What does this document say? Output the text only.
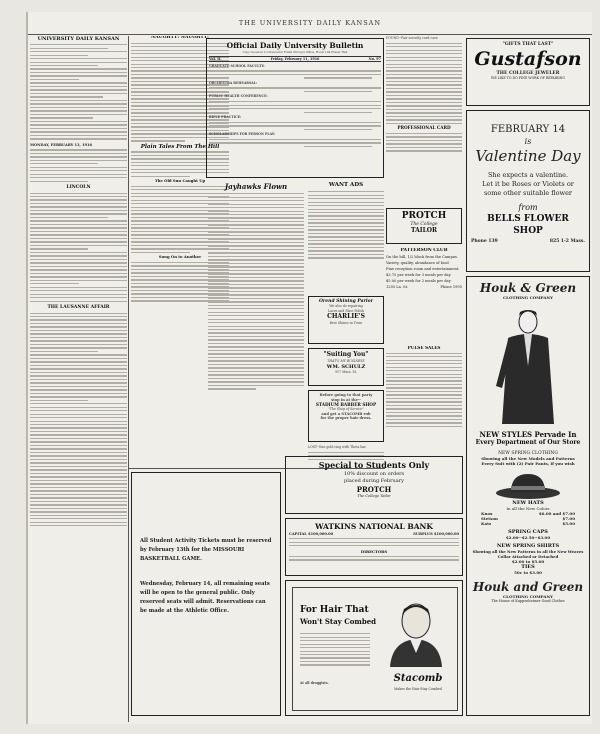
THE UNIVERSITY DAILY KANSAN
UNIVERSITY DAILY KANSAN
MONDAY, FEBRUARY 13, 1916
LINCOLN
THE LAUSANNE AFFAIR
NAUGHTY! NAUGHTY!
Plain Tales From The Hill
The Old Sun Caught Up
Song On to Another
Official Daily University Bulletin
Copy received to Chancellor Frank Strong's Office, Room 104 Fraser Hall
Vol. II.	Friday, February 11, 1916	No. 97
GRADUATE SCHOOL FACULTY:
ORCHESTRA REHEARSAL:
PUBLIC HEALTH CONFERENCE:
RIFLE PRACTICE:
SCHOLARSHIPS FOR PERSON PLAY:
Jayhawks Flown	WANT ADS
Orend Shining Parlor
We also do repairing
Laces and Shoe Polish
CHARLIE'S
Best Shines in Town
"Suiting You"
THAT'S MY BUSINESS
WM. SCHULZ
917 Mass. St.
Before going to that party
stop in at the--
STADIUM BARBER SHOP
"The Shop of Service"
and get a STACOMB rub
for the proper hair dress.
LOST--One gold ring with Theta bar.
All Student Activity Tickets must be reserved by February 13th for the MISSOURI BASKETBALL GAME.
Wednesday, February 14, all remaining seats will be open to the general public. Only reserved seats will admit. Reservations can be made at the Athletic Office.
Special to Students Only
10% discount on orders
placed during February
PROTCH
The College Tailor
WATKINS NATIONAL BANK
CAPITAL $100,000.00	SURPLUS $100,000.00
DIRECTORS
For Hair That
Won't Stay Combed
At all druggists.	Stacomb
Makes the Hair Stay Combed
FOUND--Fair sorority card case
PROFESSIONAL CARD
PROTCH
The College
TAILOR
PATTERSON CLUB
On the hill, 1/2 block from the Campus.
Variety, quality, abundance of food
Fine reception room and entertainment.
$3.75 per week for 3 meals per day
$5.00 per week for 2 meals per day
1205 La. St.	Phone 1995
PULSE SALES
"GIFTS THAT LAST"
Gustafson
THE COLLEGE JEWELER
WE LIKE TO DO FINE WORK OF REPAIRING
FEBRUARY 14
is
Valentine Day
She expects a valentine.
Let it be Roses or Violets or
some other suitable flower
from
BELLS FLOWER SHOP
Phone 139	825 1-2 Mass.
Houk & Green
CLOTHING COMPANY
NEW STYLES Pervade In
Every Department of Our Store
NEW SPRING CLOTHING
Showing all the New Models and Patterns
Every Suit with (2) Pair Pants, if you wish
NEW HATS
In all the New Colors
Knox	$6.00 and $7.00
Stetson	$7.00
Katz	$5.00
SPRING CAPS
$2.00--$2.50--$3.00
NEW SPRING SHIRTS
Showing all the New Patterns in all the New Weaves
Collar Attached or Detached
$2.00 to $5.00
TIES
50c to $3.00
Houk and Green
CLOTHING COMPANY
The House of Kuppenheimer Good Clothes
